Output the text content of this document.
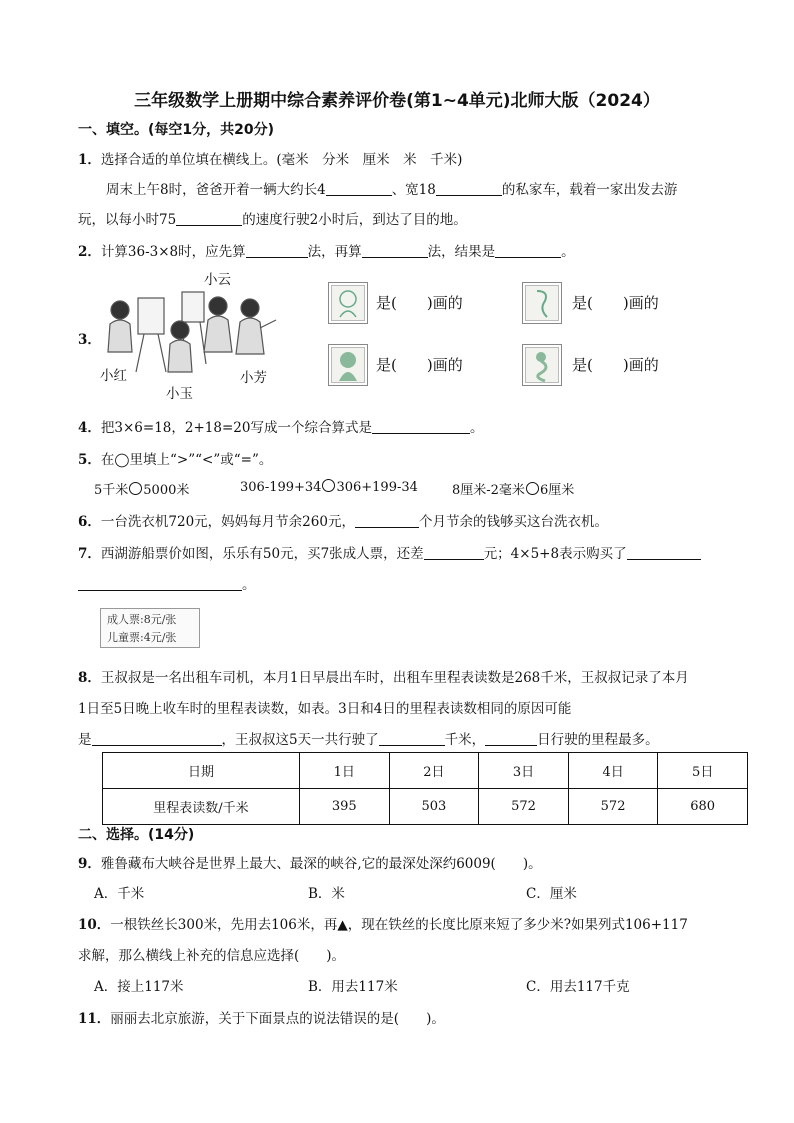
三年级数学上册期中综合素养评价卷(第1~4单元)北师大版（2024）
一、填空。(每空1分，共20分)
1．选择合适的单位填在横线上。(毫米　分米　厘米　米　千米)
周末上午8时，爸爸开着一辆大约长4	、宽18	的私家车，载着一家出发去游
玩，以每小时75	的速度行驶2小时后，到达了目的地。
2．计算36-3×8时，应先算	法，再算	法，结果是	。
3．
小云
小红
小玉
小芳
是(　　)画的	是(　　)画的
是(　　)画的	是(　　)画的
4．把3×6=18，2+18=20写成一个综合算式是	。
5．在◯里填上“>”“<”或“=”。
5千米 5000米	306-199+34 306+199-34	8厘米-2毫米 6厘米
6．一台洗衣机720元，妈妈每月节余260元，	个月节余的钱够买这台洗衣机。
7．西湖游船票价如图，乐乐有50元，买7张成人票，还差	元；4×5+8表示购买了
。
成人票:8元/张
儿童票:4元/张
8．王叔叔是一名出租车司机，本月1日早晨出车时，出租车里程表读数是268千米，王叔叔记录了本月
1日至5日晚上收车时的里程表读数，如表。3日和4日的里程表读数相同的原因可能
是	，王叔叔这5天一共行驶了	千米，	日行驶的里程最多。
日期	1日	2日	3日	4日	5日
里程表读数/千米	395	503	572	572	680
二、选择。(14分)
9．雅鲁藏布大峡谷是世界上最大、最深的峡谷,它的最深处深约6009(　　)。
A．千米	B．米	C．厘米
10．一根铁丝长300米，先用去106米，再▲，现在铁丝的长度比原来短了多少米?如果列式106+117
求解，那么横线上补充的信息应选择(　　)。
A．接上117米	B．用去117米	C．用去117千克
11．丽丽去北京旅游，关于下面景点的说法错误的是(　　)。
